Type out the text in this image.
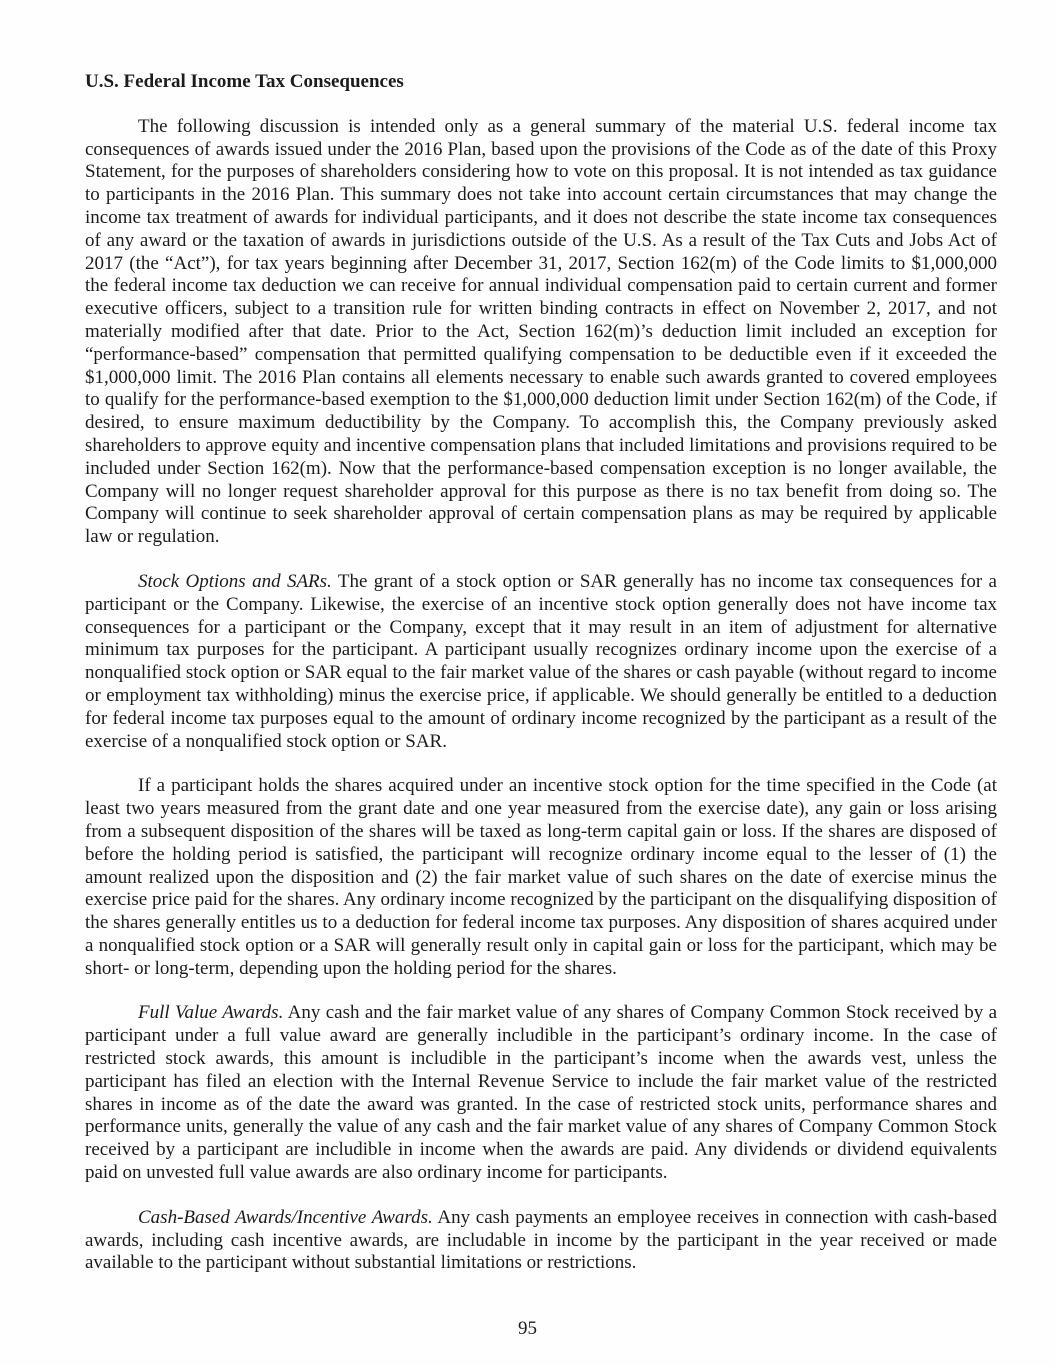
U.S. Federal Income Tax Consequences

The following discussion is intended only as a general summary of the material U.S. federal income tax consequences of awards issued under the 2016 Plan, based upon the provisions of the Code as of the date of this Proxy Statement, for the purposes of shareholders considering how to vote on this proposal. It is not intended as tax guidance to participants in the 2016 Plan. This summary does not take into account certain circumstances that may change the income tax treatment of awards for individual participants, and it does not describe the state income tax consequences of any award or the taxation of awards in jurisdictions outside of the U.S. As a result of the Tax Cuts and Jobs Act of 2017 (the “Act”), for tax years beginning after December 31, 2017, Section 162(m) of the Code limits to $1,000,000 the federal income tax deduction we can receive for annual individual compensation paid to certain current and former executive officers, subject to a transition rule for written binding contracts in effect on November 2, 2017, and not materially modified after that date. Prior to the Act, Section 162(m)’s deduction limit included an exception for “performance-based” compensation that permitted qualifying compensation to be deductible even if it exceeded the $1,000,000 limit. The 2016 Plan contains all elements necessary to enable such awards granted to covered employees to qualify for the performance-based exemption to the $1,000,000 deduction limit under Section 162(m) of the Code, if desired, to ensure maximum deductibility by the Company. To accomplish this, the Company previously asked shareholders to approve equity and incentive compensation plans that included limitations and provisions required to be included under Section 162(m). Now that the performance-based compensation exception is no longer available, the Company will no longer request shareholder approval for this purpose as there is no tax benefit from doing so. The Company will continue to seek shareholder approval of certain compensation plans as may be required by applicable law or regulation.

Stock Options and SARs. The grant of a stock option or SAR generally has no income tax consequences for a participant or the Company. Likewise, the exercise of an incentive stock option generally does not have income tax consequences for a participant or the Company, except that it may result in an item of adjustment for alternative minimum tax purposes for the participant. A participant usually recognizes ordinary income upon the exercise of a nonqualified stock option or SAR equal to the fair market value of the shares or cash payable (without regard to income or employment tax withholding) minus the exercise price, if applicable. We should generally be entitled to a deduction for federal income tax purposes equal to the amount of ordinary income recognized by the participant as a result of the exercise of a nonqualified stock option or SAR.

If a participant holds the shares acquired under an incentive stock option for the time specified in the Code (at least two years measured from the grant date and one year measured from the exercise date), any gain or loss arising from a subsequent disposition of the shares will be taxed as long-term capital gain or loss. If the shares are disposed of before the holding period is satisfied, the participant will recognize ordinary income equal to the lesser of (1) the amount realized upon the disposition and (2) the fair market value of such shares on the date of exercise minus the exercise price paid for the shares. Any ordinary income recognized by the participant on the disqualifying disposition of the shares generally entitles us to a deduction for federal income tax purposes. Any disposition of shares acquired under a nonqualified stock option or a SAR will generally result only in capital gain or loss for the participant, which may be short- or long-term, depending upon the holding period for the shares.

Full Value Awards. Any cash and the fair market value of any shares of Company Common Stock received by a participant under a full value award are generally includible in the participant’s ordinary income. In the case of restricted stock awards, this amount is includible in the participant’s income when the awards vest, unless the participant has filed an election with the Internal Revenue Service to include the fair market value of the restricted shares in income as of the date the award was granted. In the case of restricted stock units, performance shares and performance units, generally the value of any cash and the fair market value of any shares of Company Common Stock received by a participant are includible in income when the awards are paid. Any dividends or dividend equivalents paid on unvested full value awards are also ordinary income for participants.

Cash-Based Awards/Incentive Awards. Any cash payments an employee receives in connection with cash-based awards, including cash incentive awards, are includable in income by the participant in the year received or made available to the participant without substantial limitations or restrictions.

95
